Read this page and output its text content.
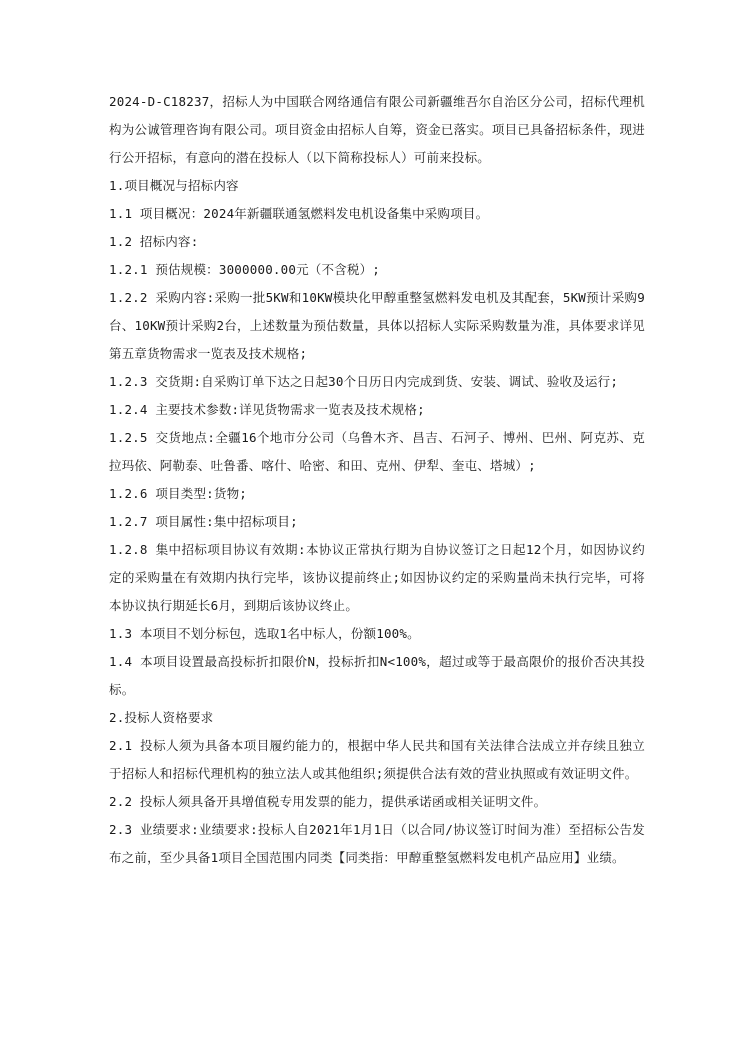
2024-D-C18237，招标人为中国联合网络通信有限公司新疆维吾尔自治区分公司，招标代理机构为公诚管理咨询有限公司。项目资金由招标人自筹，资金已落实。项目已具备招标条件，现进行公开招标，有意向的潜在投标人（以下简称投标人）可前来投标。

1.项目概况与招标内容

1.1 项目概况：2024年新疆联通氢燃料发电机设备集中采购项目。

1.2 招标内容:

1.2.1 预估规模：3000000.00元（不含税）;

1.2.2 采购内容:采购一批5KW和10KW模块化甲醇重整氢燃料发电机及其配套，5KW预计采购9台、10KW预计采购2台，上述数量为预估数量，具体以招标人实际采购数量为准，具体要求详见第五章货物需求一览表及技术规格;

1.2.3 交货期:自采购订单下达之日起30个日历日内完成到货、安装、调试、验收及运行;

1.2.4 主要技术参数:详见货物需求一览表及技术规格;

1.2.5 交货地点:全疆16个地市分公司（乌鲁木齐、昌吉、石河子、博州、巴州、阿克苏、克拉玛依、阿勒泰、吐鲁番、喀什、哈密、和田、克州、伊犁、奎屯、塔城）;

1.2.6 项目类型:货物;

1.2.7 项目属性:集中招标项目;

1.2.8 集中招标项目协议有效期:本协议正常执行期为自协议签订之日起12个月，如因协议约定的采购量在有效期内执行完毕，该协议提前终止;如因协议约定的采购量尚未执行完毕，可将本协议执行期延长6月，到期后该协议终止。

1.3 本项目不划分标包，选取1名中标人，份额100%。

1.4 本项目设置最高投标折扣限价N，投标折扣N<100%，超过或等于最高限价的报价否决其投标。

2.投标人资格要求

2.1 投标人须为具备本项目履约能力的，根据中华人民共和国有关法律合法成立并存续且独立于招标人和招标代理机构的独立法人或其他组织;须提供合法有效的营业执照或有效证明文件。

2.2 投标人须具备开具增值税专用发票的能力，提供承诺函或相关证明文件。

2.3 业绩要求:业绩要求:投标人自2021年1月1日（以合同/协议签订时间为准）至招标公告发布之前，至少具备1项目全国范围内同类【同类指：甲醇重整氢燃料发电机产品应用】业绩。
